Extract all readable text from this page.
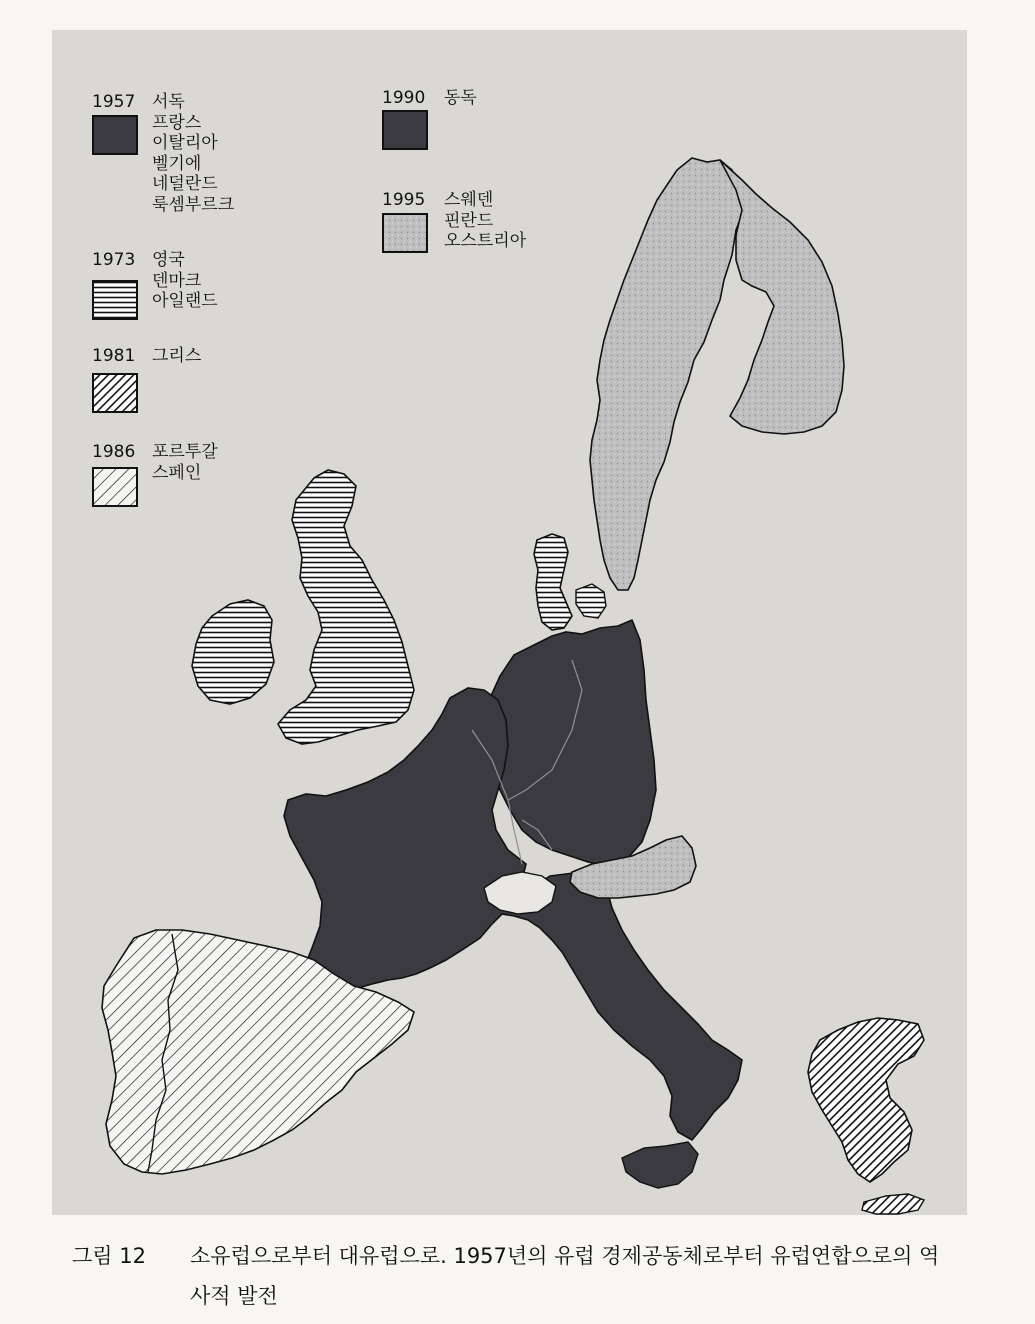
1957 서독
프랑스
이탈리아
벨기에
네덜란드
룩셈부르크
1973 영국
덴마크
아일랜드
1981 그리스
1986 포르투갈
스페인
1990 동독
1995 스웨덴
핀란드
오스트리아
그림 12 소유럽으로부터 대유럽으로. 1957년의 유럽 경제공동체로부터 유럽연합으로의 역사적 발전
